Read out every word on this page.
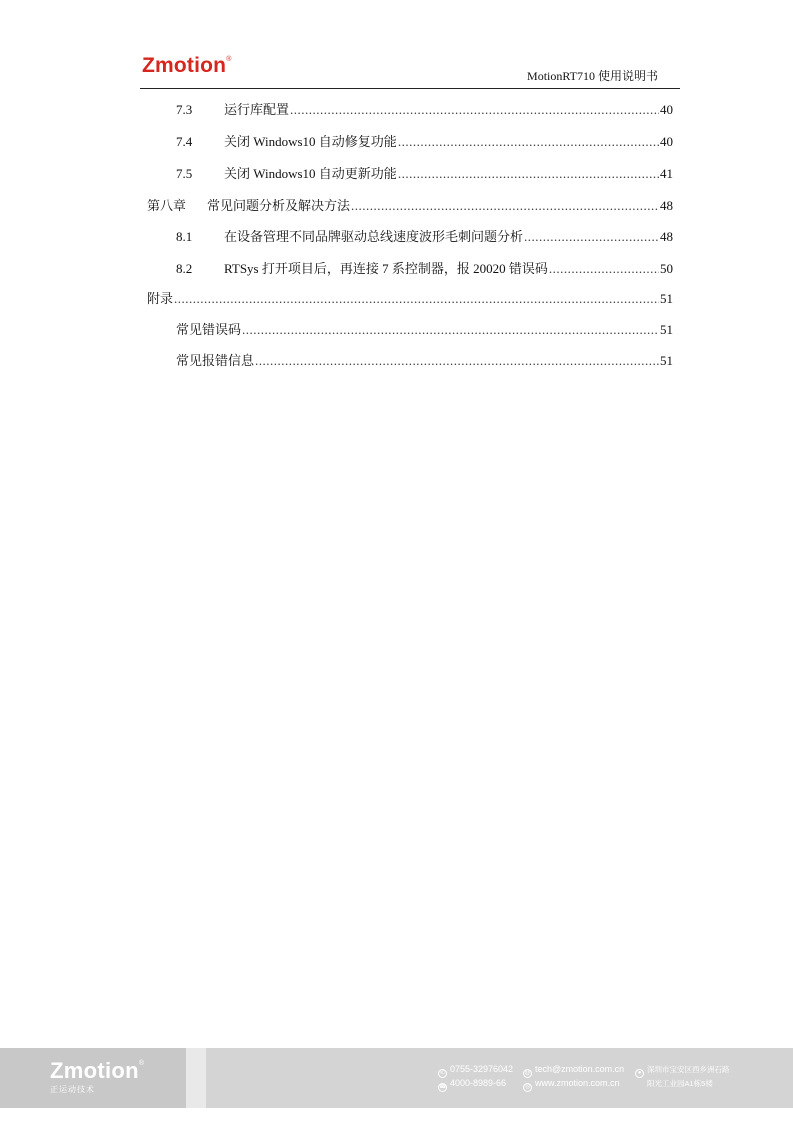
Zmotion®
MotionRT710 使用说明书
7.3	运行库配置 .....	40
7.4	关闭 Windows10 自动修复功能 .....	40
7.5	关闭 Windows10 自动更新功能 .....	41
第八章	常见问题分析及解决方法 .....	48
8.1	在设备管理不同品牌驱动总线速度波形毛刺问题分析 .....	48
8.2	RTSys 打开项目后，再连接 7 系控制器，报 20020 错误码 .....	50
附录 .....	51
常见错误码 .....	51
常见报错信息 .....	51
Zmotion®
正运动技术
✆ 0755-32976042 @ tech@zmotion.com.cn	● 深圳市宝安区西乡洲石路
☎ 4000-8989-66	◎ www.zmotion.com.cn	阳光工业园A1栋5楼
